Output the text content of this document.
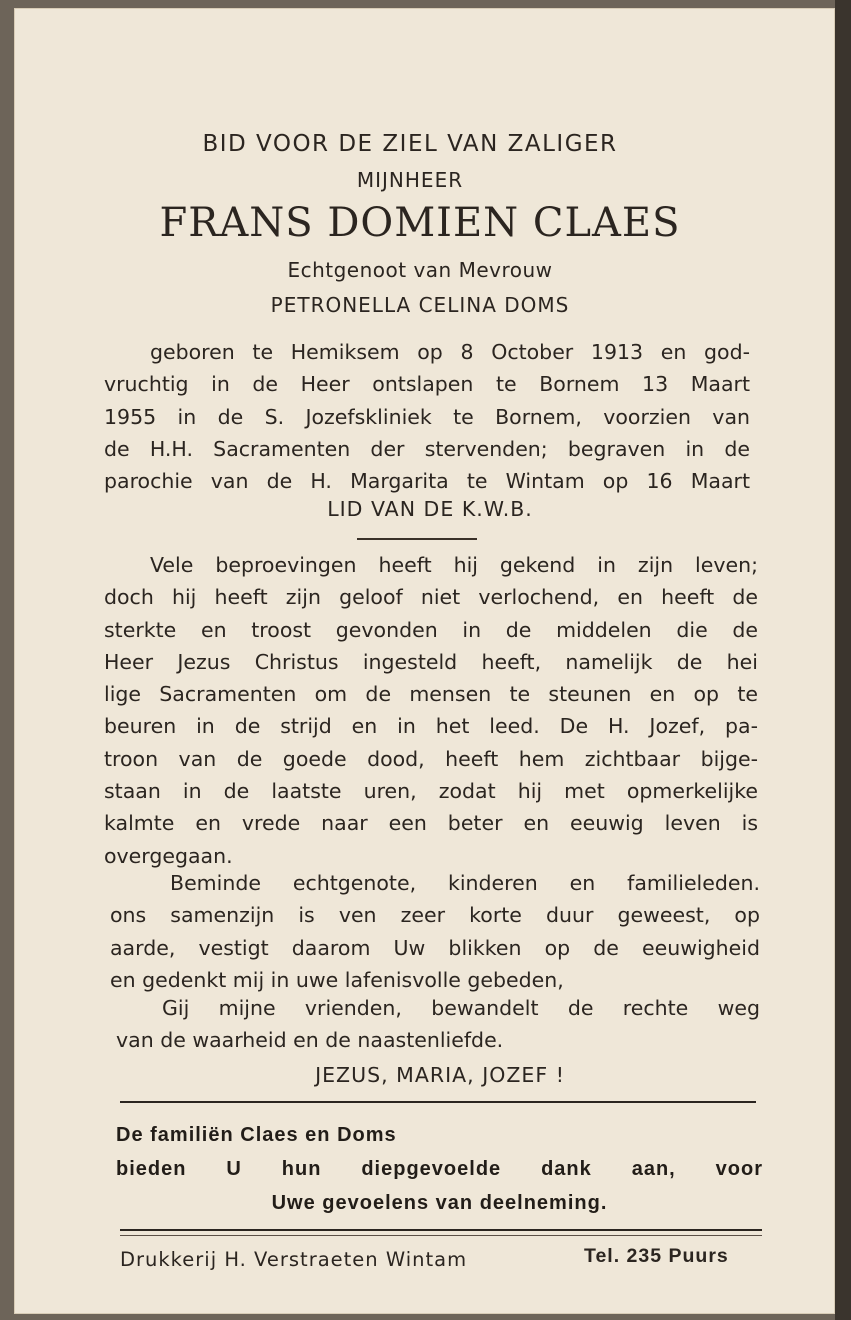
BID VOOR DE ZIEL VAN ZALIGER
MIJNHEER
FRANS DOMIEN CLAES
Echtgenoot van Mevrouw
PETRONELLA CELINA DOMS
geboren te Hemiksem op 8 October 1913 en god-
vruchtig in de Heer ontslapen te Bornem 13 Maart
1955 in de S. Jozefskliniek te Bornem, voorzien van
de H.H. Sacramenten der stervenden; begraven in de
parochie van de H. Margarita te Wintam op 16 Maart
LID VAN DE K.W.B.
Vele beproevingen heeft hij gekend in zijn leven;
doch hij heeft zijn geloof niet verlochend, en heeft de
sterkte en troost gevonden in de middelen die de
Heer Jezus Christus ingesteld heeft, namelijk de hei
lige Sacramenten om de mensen te steunen en op te
beuren in de strijd en in het leed. De H. Jozef, pa-
troon van de goede dood, heeft hem zichtbaar bijge-
staan in de laatste uren, zodat hij met opmerkelijke
kalmte en vrede naar een beter en eeuwig leven is
overgegaan.
Beminde echtgenote, kinderen en familieleden.
ons samenzijn is ven zeer korte duur geweest, op
aarde, vestigt daarom Uw blikken op de eeuwigheid
en gedenkt mij in uwe lafenisvolle gebeden,
Gij mijne vrienden, bewandelt de rechte weg
van de waarheid en de naastenliefde.
JEZUS, MARIA, JOZEF !
De familiën Claes en Doms
bieden U hun diepgevoelde dank aan, voor
Uwe gevoelens van deelneming.
Drukkerij H. Verstraeten Wintam	Tel. 235 Puurs
